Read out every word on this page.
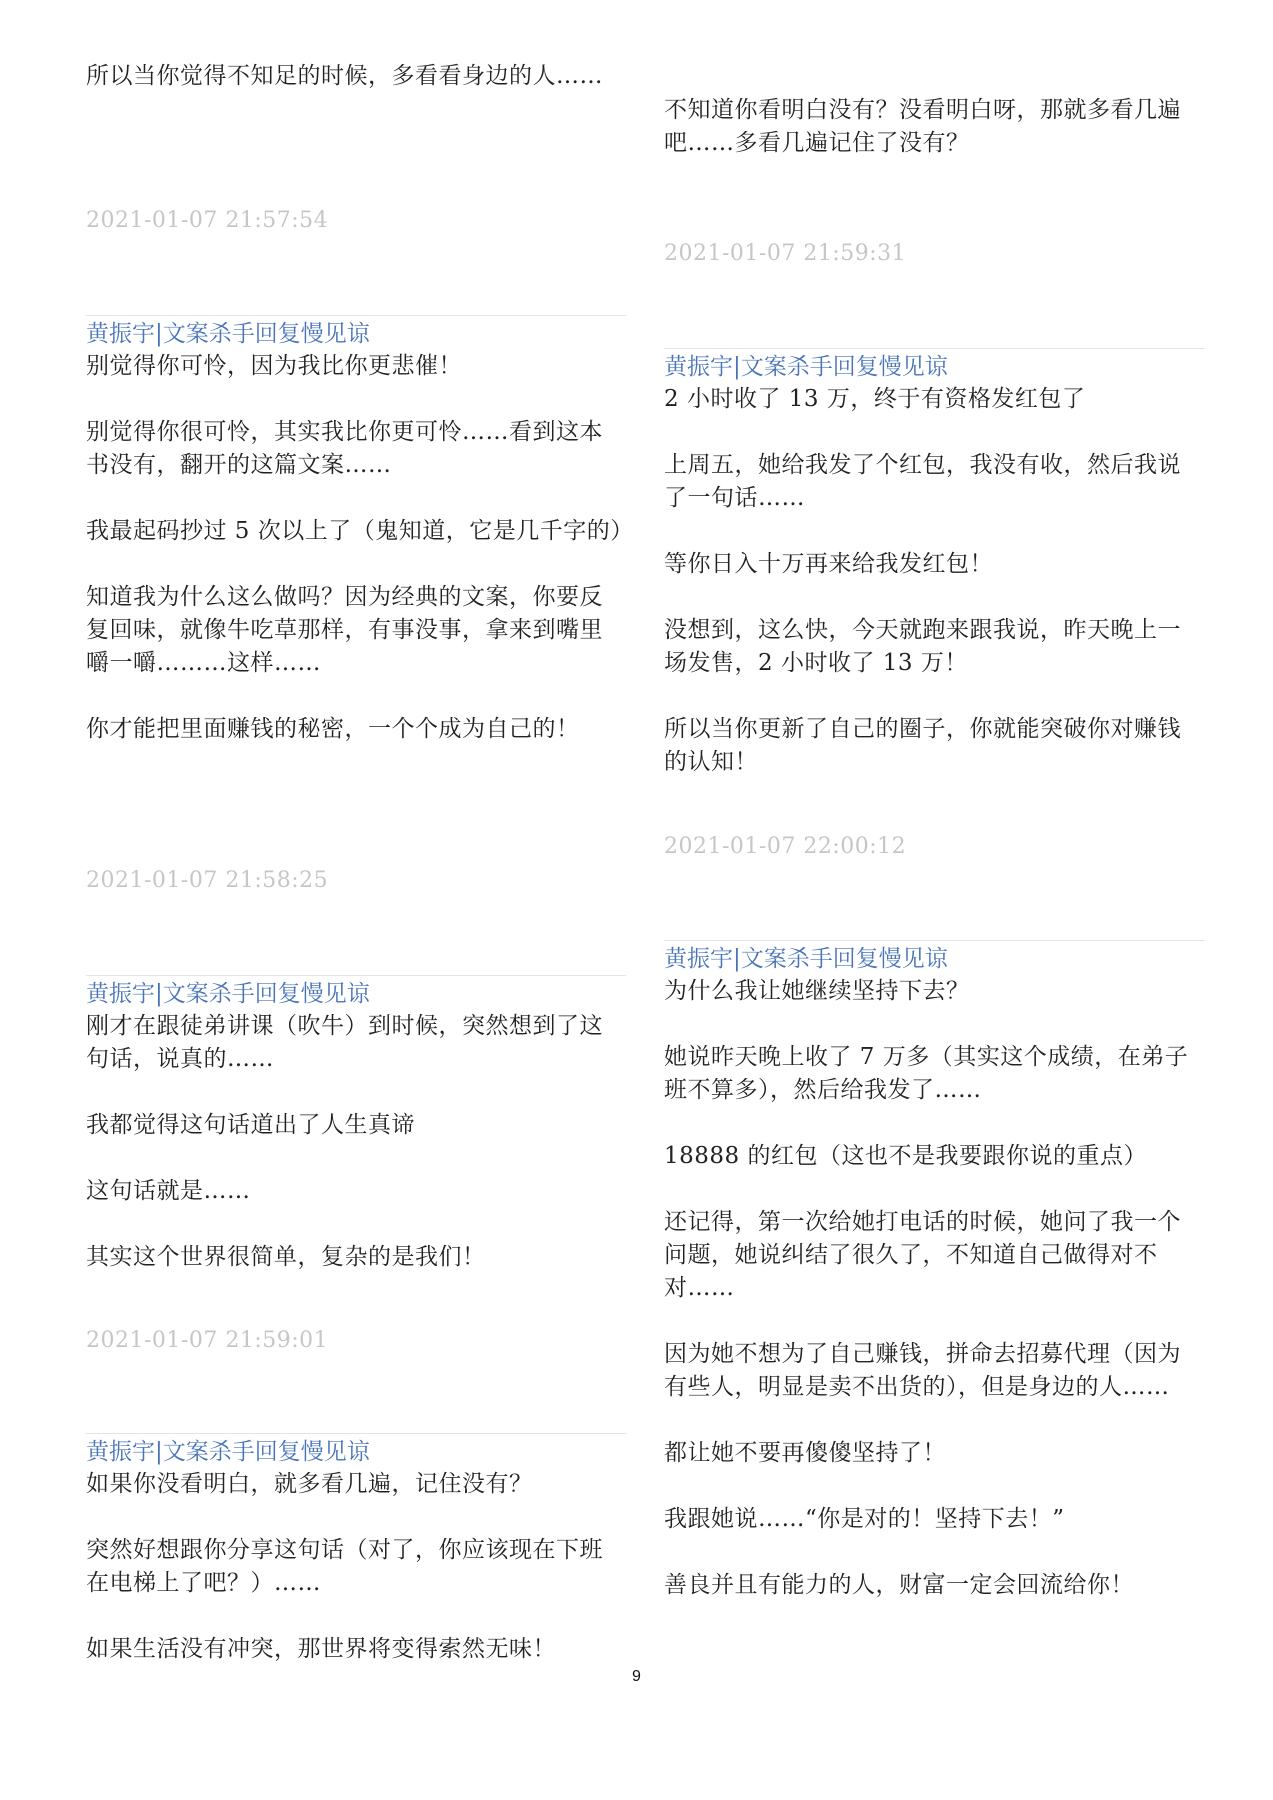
所以当你觉得不知足的时候，多看看身边的人……

2021-01-07 21:57:54
黄振宇|文案杀手回复慢见谅

别觉得你可怜，因为我比你更悲催！

别觉得你很可怜，其实我比你更可怜……看到这本书没有，翻开的这篇文案……

我最起码抄过 5 次以上了（鬼知道，它是几千字的）

知道我为什么这么做吗？因为经典的文案，你要反复回味，就像牛吃草那样，有事没事，拿来到嘴里嚼一嚼………这样……

你才能把里面赚钱的秘密，一个个成为自己的！

2021-01-07 21:58:25
黄振宇|文案杀手回复慢见谅

刚才在跟徒弟讲课（吹牛）到时候，突然想到了这句话，说真的……

我都觉得这句话道出了人生真谛

这句话就是……

其实这个世界很简单，复杂的是我们！

2021-01-07 21:59:01
黄振宇|文案杀手回复慢见谅

如果你没看明白，就多看几遍，记住没有？

突然好想跟你分享这句话（对了，你应该现在下班在电梯上了吧？）……

如果生活没有冲突，那世界将变得索然无味！

不知道你看明白没有？没看明白呀，那就多看几遍吧……多看几遍记住了没有？

2021-01-07 21:59:31
黄振宇|文案杀手回复慢见谅

2 小时收了 13 万，终于有资格发红包了

上周五，她给我发了个红包，我没有收，然后我说了一句话……

等你日入十万再来给我发红包！

没想到，这么快，今天就跑来跟我说，昨天晚上一场发售，2 小时收了 13 万！

所以当你更新了自己的圈子，你就能突破你对赚钱的认知！

2021-01-07 22:00:12
黄振宇|文案杀手回复慢见谅

为什么我让她继续坚持下去？

她说昨天晚上收了 7 万多（其实这个成绩，在弟子班不算多），然后给我发了……

18888 的红包（这也不是我要跟你说的重点）

还记得，第一次给她打电话的时候，她问了我一个问题，她说纠结了很久了，不知道自己做得对不对……

因为她不想为了自己赚钱，拼命去招募代理（因为有些人，明显是卖不出货的），但是身边的人……

都让她不要再傻傻坚持了！

我跟她说……“你是对的！坚持下去！”

善良并且有能力的人，财富一定会回流给你！

9
